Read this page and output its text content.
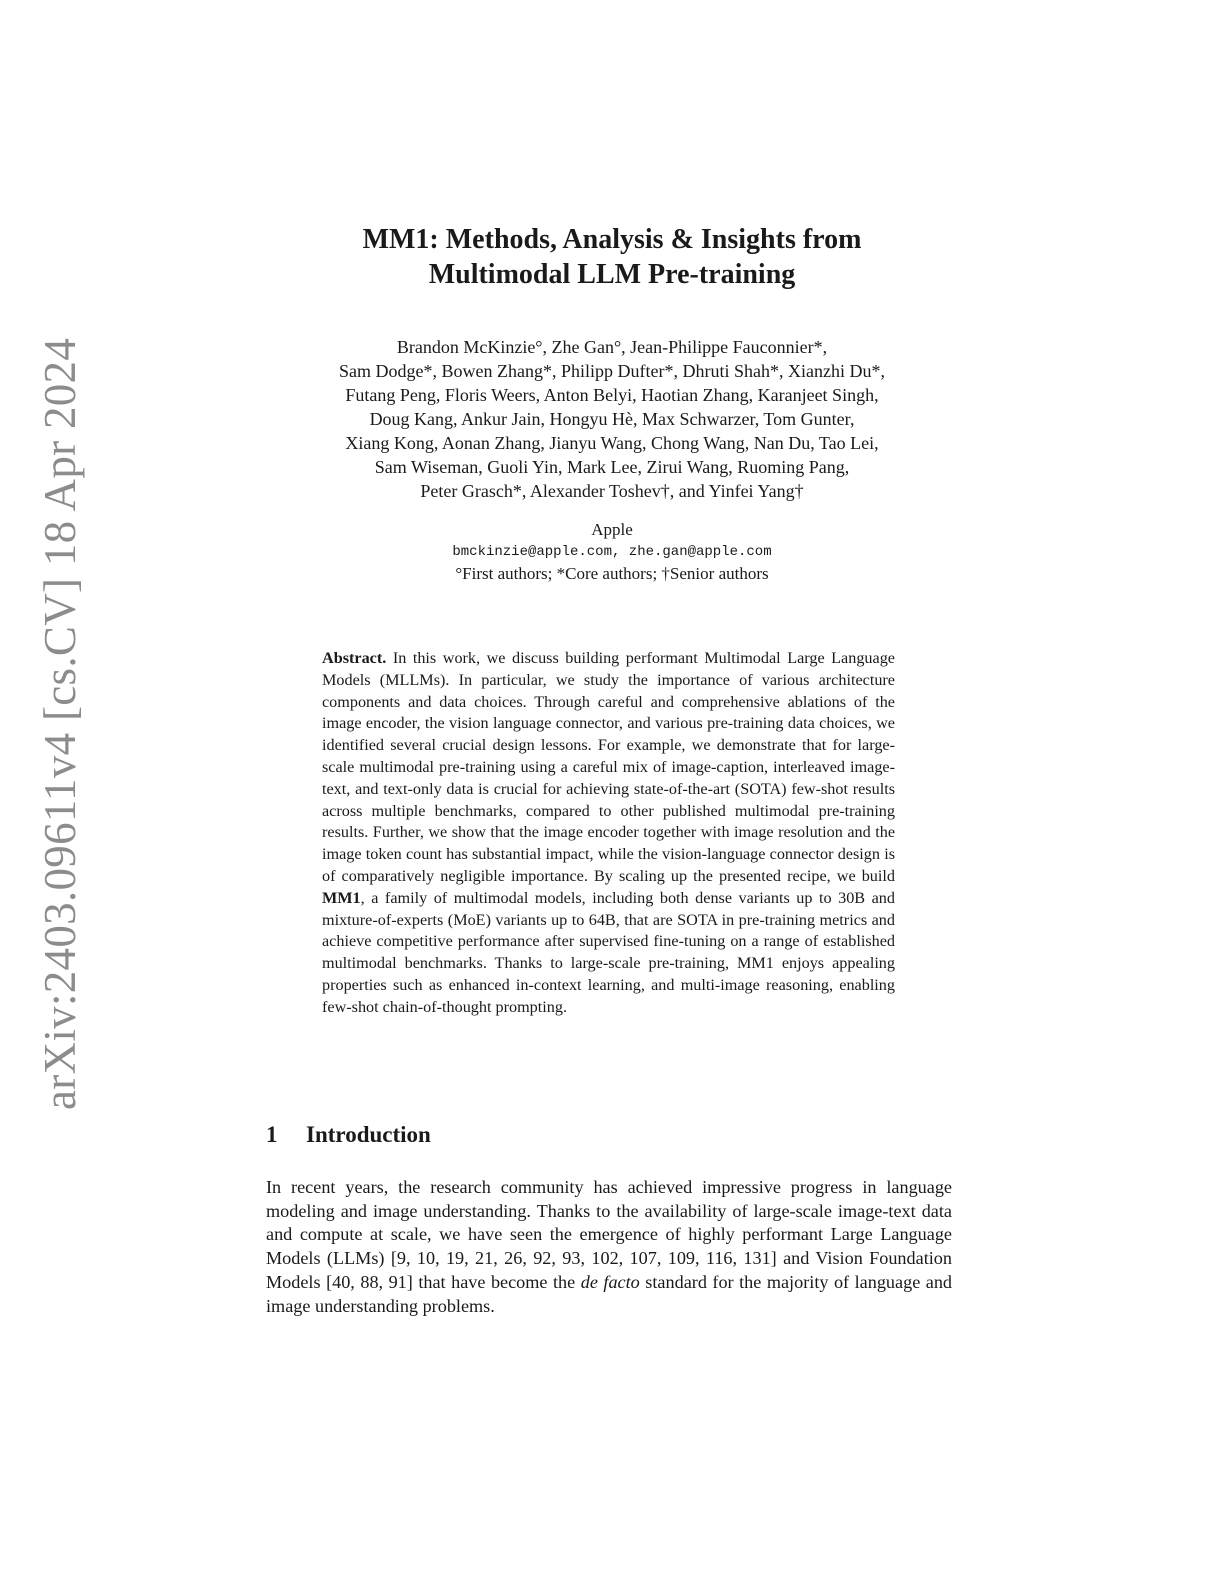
arXiv:2403.09611v4 [cs.CV] 18 Apr 2024
MM1: Methods, Analysis & Insights from
Multimodal LLM Pre-training
Brandon McKinzie°, Zhe Gan°, Jean-Philippe Fauconnier*,
Sam Dodge*, Bowen Zhang*, Philipp Dufter*, Dhruti Shah*, Xianzhi Du*,
Futang Peng, Floris Weers, Anton Belyi, Haotian Zhang, Karanjeet Singh,
Doug Kang, Ankur Jain, Hongyu Hè, Max Schwarzer, Tom Gunter,
Xiang Kong, Aonan Zhang, Jianyu Wang, Chong Wang, Nan Du, Tao Lei,
Sam Wiseman, Guoli Yin, Mark Lee, Zirui Wang, Ruoming Pang,
Peter Grasch*, Alexander Toshev†, and Yinfei Yang†
Apple
bmckinzie@apple.com, zhe.gan@apple.com
°First authors; *Core authors; †Senior authors
Abstract. In this work, we discuss building performant Multimodal Large Language Models (MLLMs). In particular, we study the importance of various architecture components and data choices. Through careful and comprehensive ablations of the image encoder, the vision language connector, and various pre-training data choices, we identified several crucial design lessons. For example, we demonstrate that for large-scale multimodal pre-training using a careful mix of image-caption, interleaved image-text, and text-only data is crucial for achieving state-of-the-art (SOTA) few-shot results across multiple benchmarks, compared to other published multimodal pre-training results. Further, we show that the image encoder together with image resolution and the image token count has substantial impact, while the vision-language connector design is of comparatively negligible importance. By scaling up the presented recipe, we build MM1, a family of multimodal models, including both dense variants up to 30B and mixture-of-experts (MoE) variants up to 64B, that are SOTA in pre-training metrics and achieve competitive performance after supervised fine-tuning on a range of established multimodal benchmarks. Thanks to large-scale pre-training, MM1 enjoys appealing properties such as enhanced in-context learning, and multi-image reasoning, enabling few-shot chain-of-thought prompting.
1 Introduction
In recent years, the research community has achieved impressive progress in language modeling and image understanding. Thanks to the availability of large-scale image-text data and compute at scale, we have seen the emergence of highly performant Large Language Models (LLMs) [9, 10, 19, 21, 26, 92, 93, 102, 107, 109, 116, 131] and Vision Foundation Models [40, 88, 91] that have become the de facto standard for the majority of language and image understanding problems.
